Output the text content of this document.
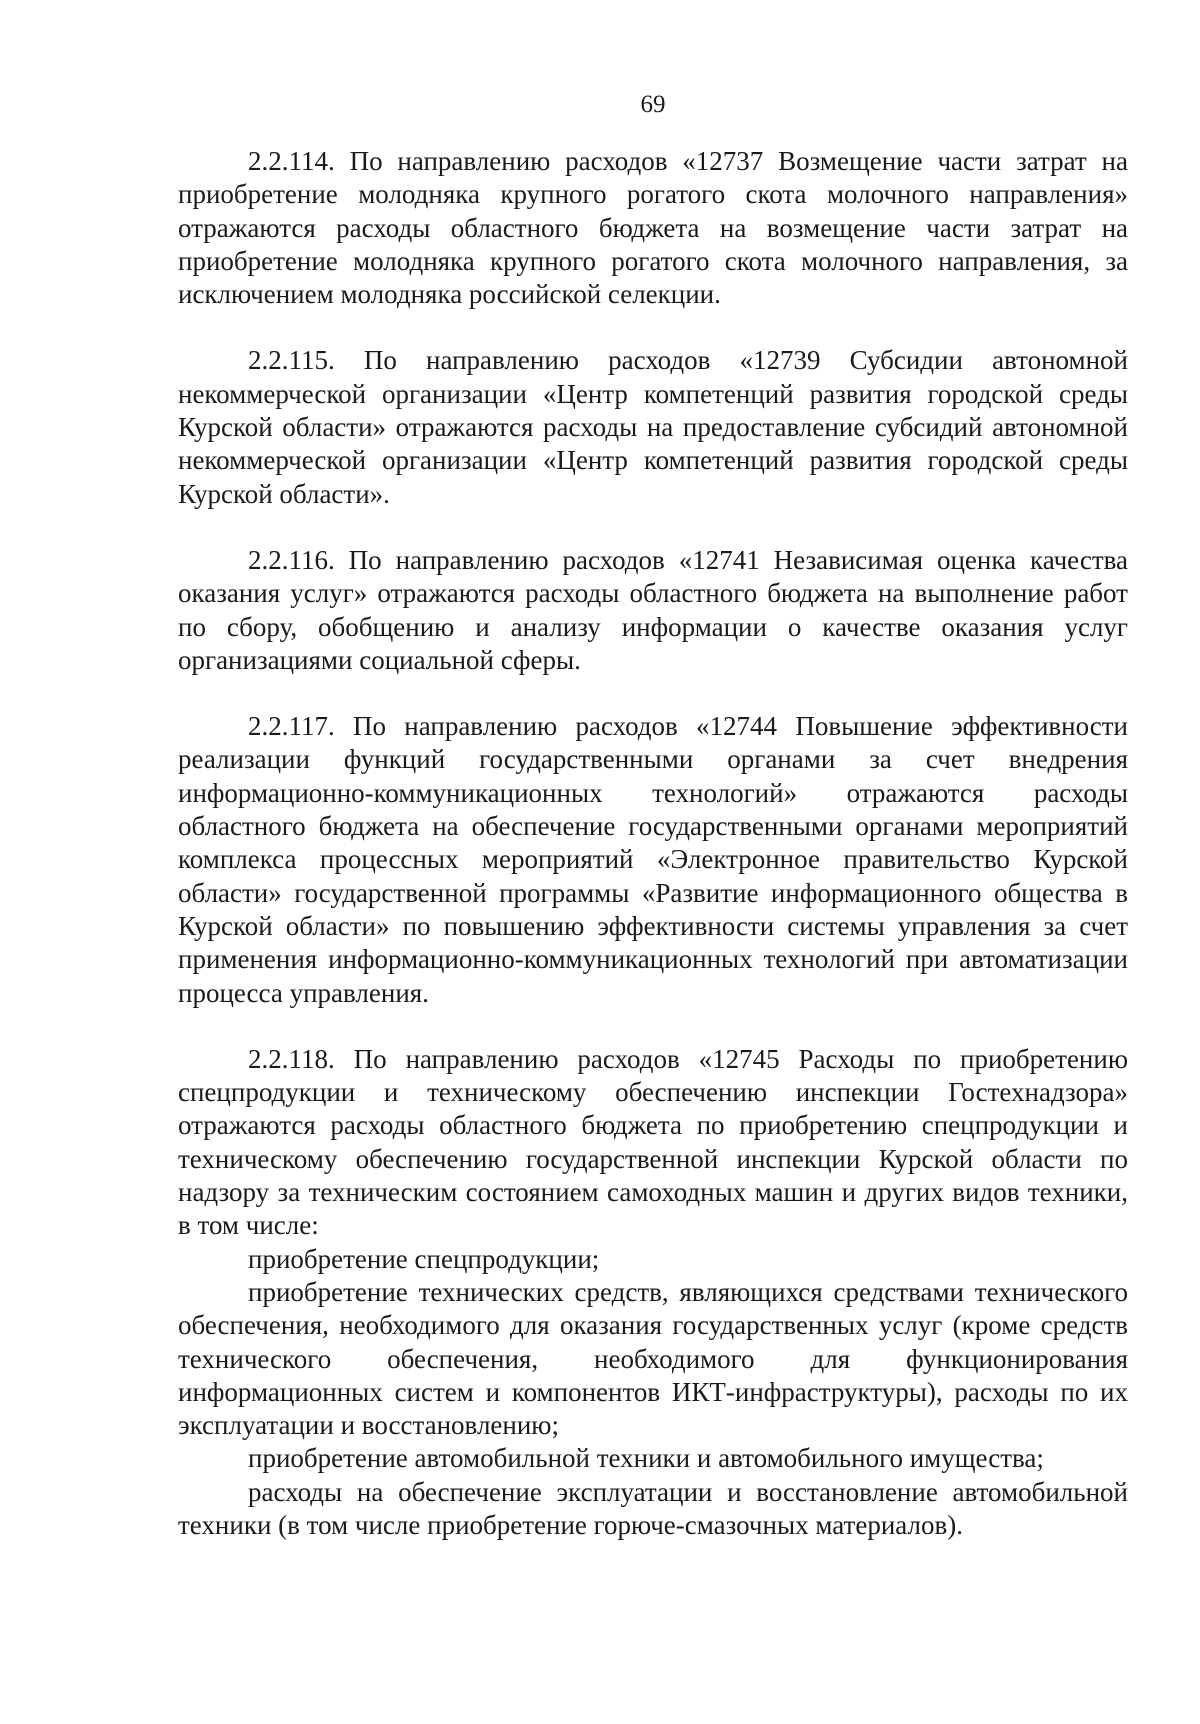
69

2.2.114. По направлению расходов «12737 Возмещение части затрат на приобретение молодняка крупного рогатого скота молочного направления» отражаются расходы областного бюджета на возмещение части затрат на приобретение молодняка крупного рогатого скота молочного направления, за исключением молодняка российской селекции.

2.2.115. По направлению расходов «12739 Субсидии автономной некоммерческой организации «Центр компетенций развития городской среды Курской области» отражаются расходы на предоставление субсидий автономной некоммерческой организации «Центр компетенций развития городской среды Курской области».

2.2.116. По направлению расходов «12741 Независимая оценка качества оказания услуг» отражаются расходы областного бюджета на выполнение работ по сбору, обобщению и анализу информации о качестве оказания услуг организациями социальной сферы.

2.2.117. По направлению расходов «12744 Повышение эффективности реализации функций государственными органами за счет внедрения информационно-коммуникационных технологий» отражаются расходы областного бюджета на обеспечение государственными органами мероприятий комплекса процессных мероприятий «Электронное правительство Курской области» государственной программы «Развитие информационного общества в Курской области» по повышению эффективности системы управления за счет применения информационно-коммуникационных технологий при автоматизации процесса управления.

2.2.118. По направлению расходов «12745 Расходы по приобретению спецпродукции и техническому обеспечению инспекции Гостехнадзора» отражаются расходы областного бюджета по приобретению спецпродукции и техническому обеспечению государственной инспекции Курской области по надзору за техническим состоянием самоходных машин и других видов техники, в том числе:

приобретение спецпродукции;

приобретение технических средств, являющихся средствами технического обеспечения, необходимого для оказания государственных услуг (кроме средств технического обеспечения, необходимого для функционирования информационных систем и компонентов ИКТ-инфраструктуры), расходы по их эксплуатации и восстановлению;

приобретение автомобильной техники и автомобильного имущества;

расходы на обеспечение эксплуатации и восстановление автомобильной техники (в том числе приобретение горюче-смазочных материалов).
